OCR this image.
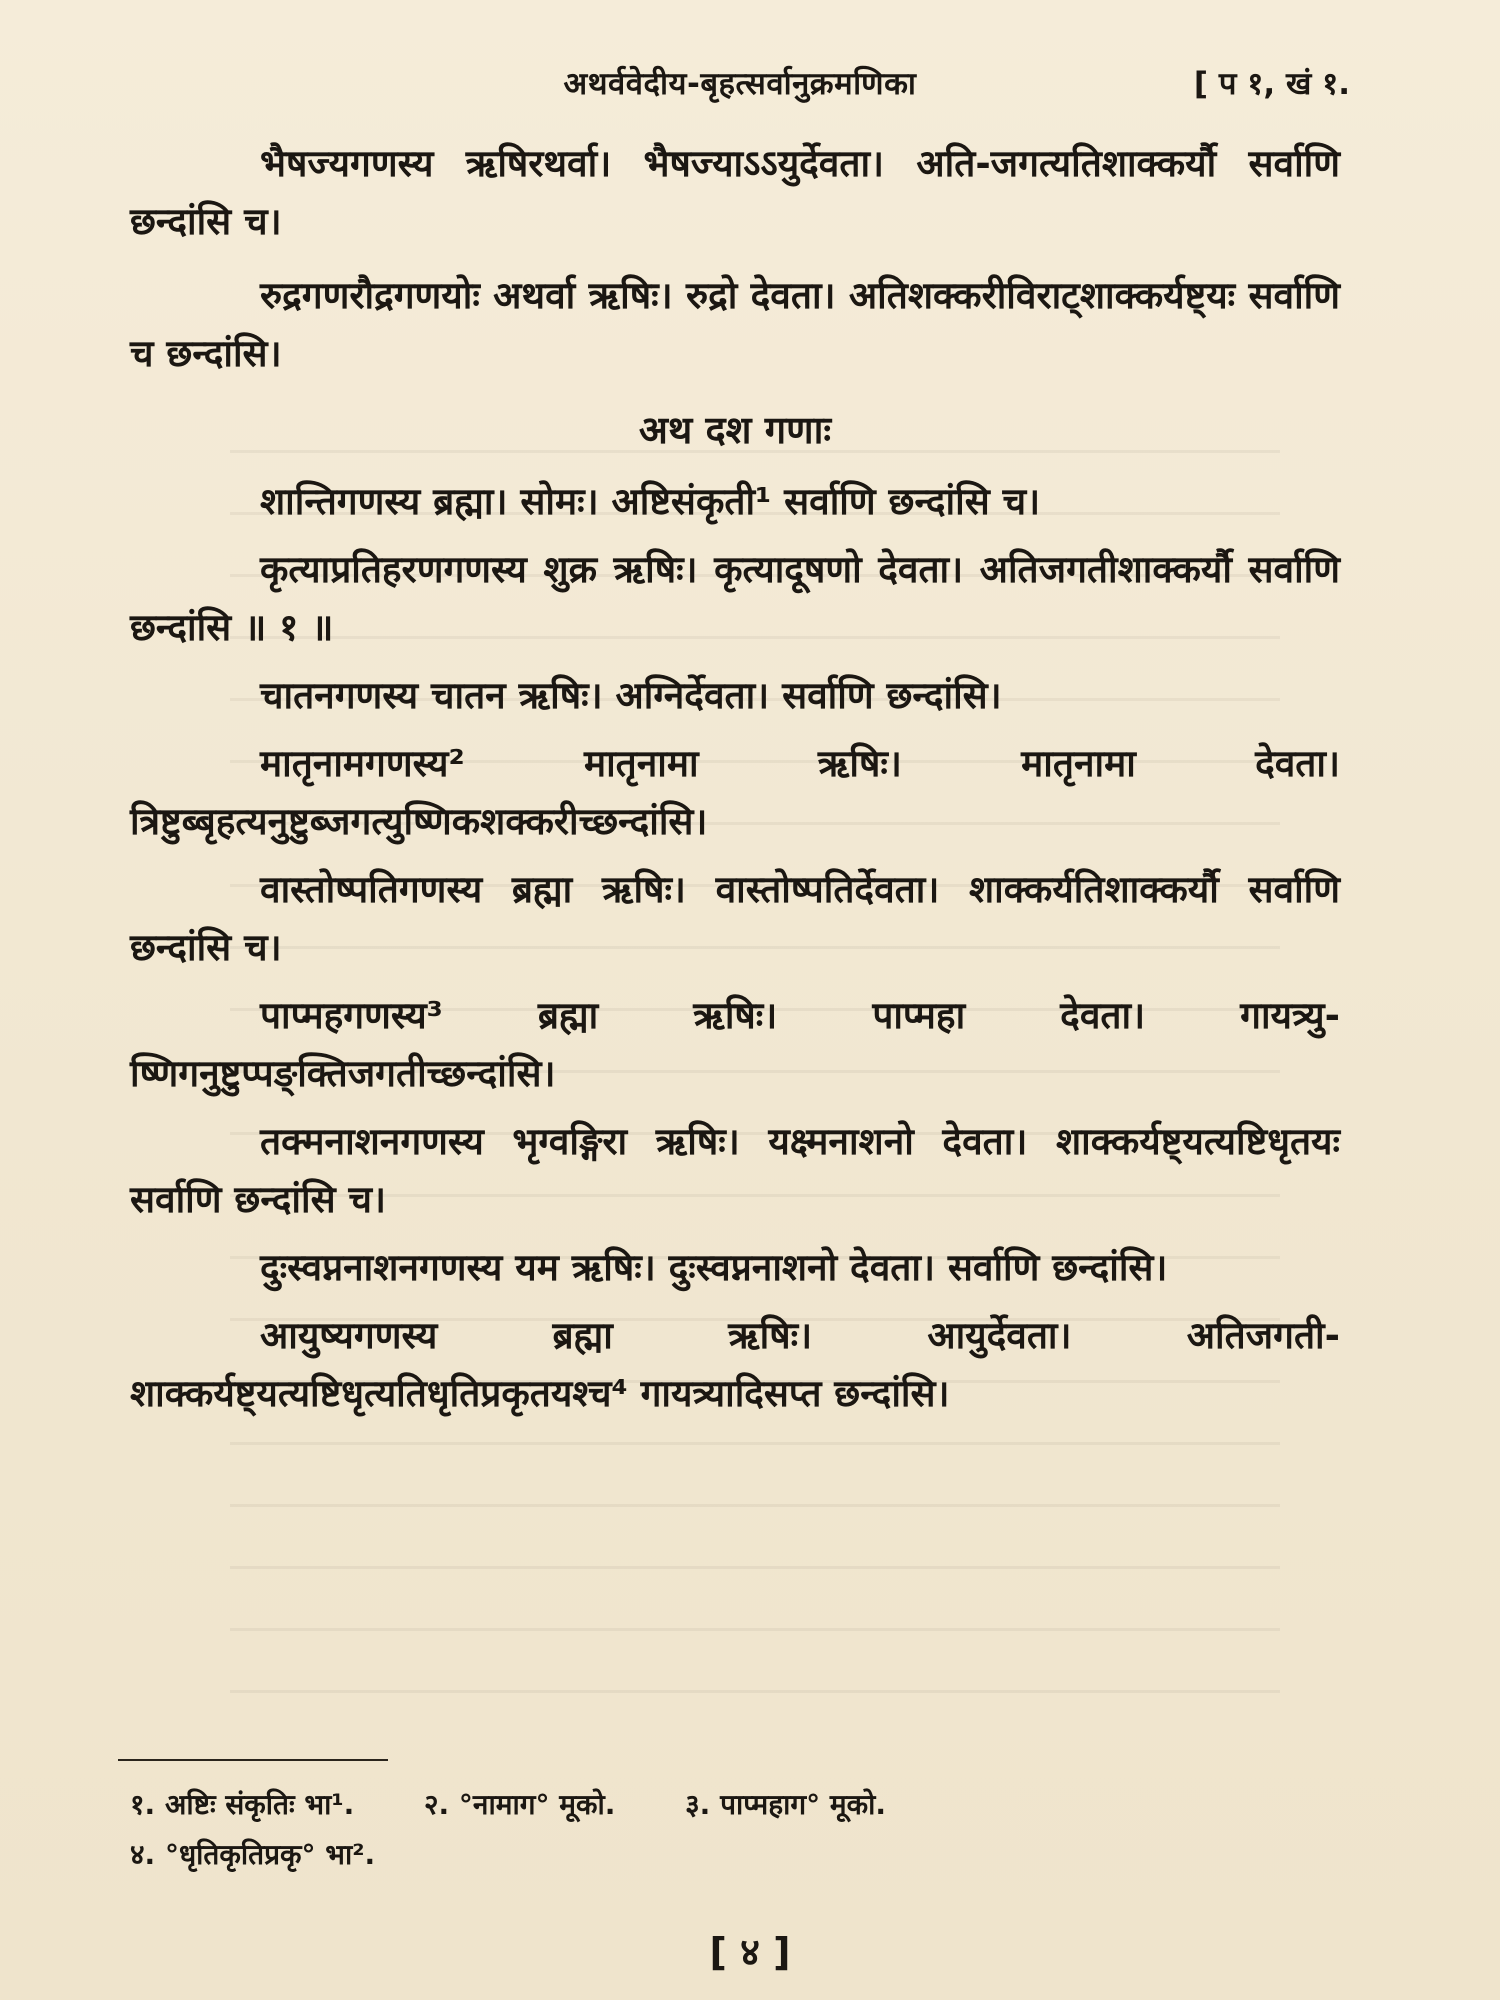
अथर्ववेदीय-बृहत्सर्वानुक्रमणिका	[ प १, खं १.

भैषज्यगणस्य ऋषिरथर्वा। भैषज्याऽऽयुर्देवता। अति-जगत्यतिशाक्कर्यौ सर्वाणि छन्दांसि च।

रुद्रगणरौद्रगणयोः अथर्वा ऋषिः। रुद्रो देवता। अतिशक्करीविराट्शाक्कर्यष्ट्यः सर्वाणि च छन्दांसि।

अथ दश गणाः

शान्तिगणस्य ब्रह्मा। सोमः। अष्टिसंकृती¹ सर्वाणि छन्दांसि च।

कृत्याप्रतिहरणगणस्य शुक्र ऋषिः। कृत्यादूषणो देवता। अतिजगतीशाक्कर्यौ सर्वाणि छन्दांसि ॥ १ ॥

चातनगणस्य चातन ऋषिः। अग्निर्देवता। सर्वाणि छन्दांसि।

मातृनामगणस्य² मातृनामा ऋषिः। मातृनामा देवता। त्रिष्टुब्बृहत्यनुष्टुब्जगत्युष्णिकशक्करीच्छन्दांसि।

वास्तोष्पतिगणस्य ब्रह्मा ऋषिः। वास्तोष्पतिर्देवता। शाक्कर्यतिशाक्कर्यौ सर्वाणि छन्दांसि च।

पाप्महगणस्य³ ब्रह्मा ऋषिः। पाप्महा देवता। गायत्र्यु-ष्णिगनुष्टुप्पङ्क्तिजगतीच्छन्दांसि।

तक्मनाशनगणस्य भृग्वङ्गिरा ऋषिः। यक्ष्मनाशनो देवता। शाक्कर्यष्ट्यत्यष्टिधृतयः सर्वाणि छन्दांसि च।

दुःस्वप्ननाशनगणस्य यम ऋषिः। दुःस्वप्ननाशनो देवता। सर्वाणि छन्दांसि।

आयुष्यगणस्य ब्रह्मा ऋषिः। आयुर्देवता। अतिजगती-शाक्कर्यष्ट्यत्यष्टिधृत्यतिधृतिप्रकृतयश्च⁴ गायत्र्यादिसप्त छन्दांसि।

१. अष्टिः संकृतिः भा¹. २. °नामाग° मूको. ३. पाप्महाग° मूको.
४. °धृतिकृतिप्रकृ° भा².
[ ४ ]
